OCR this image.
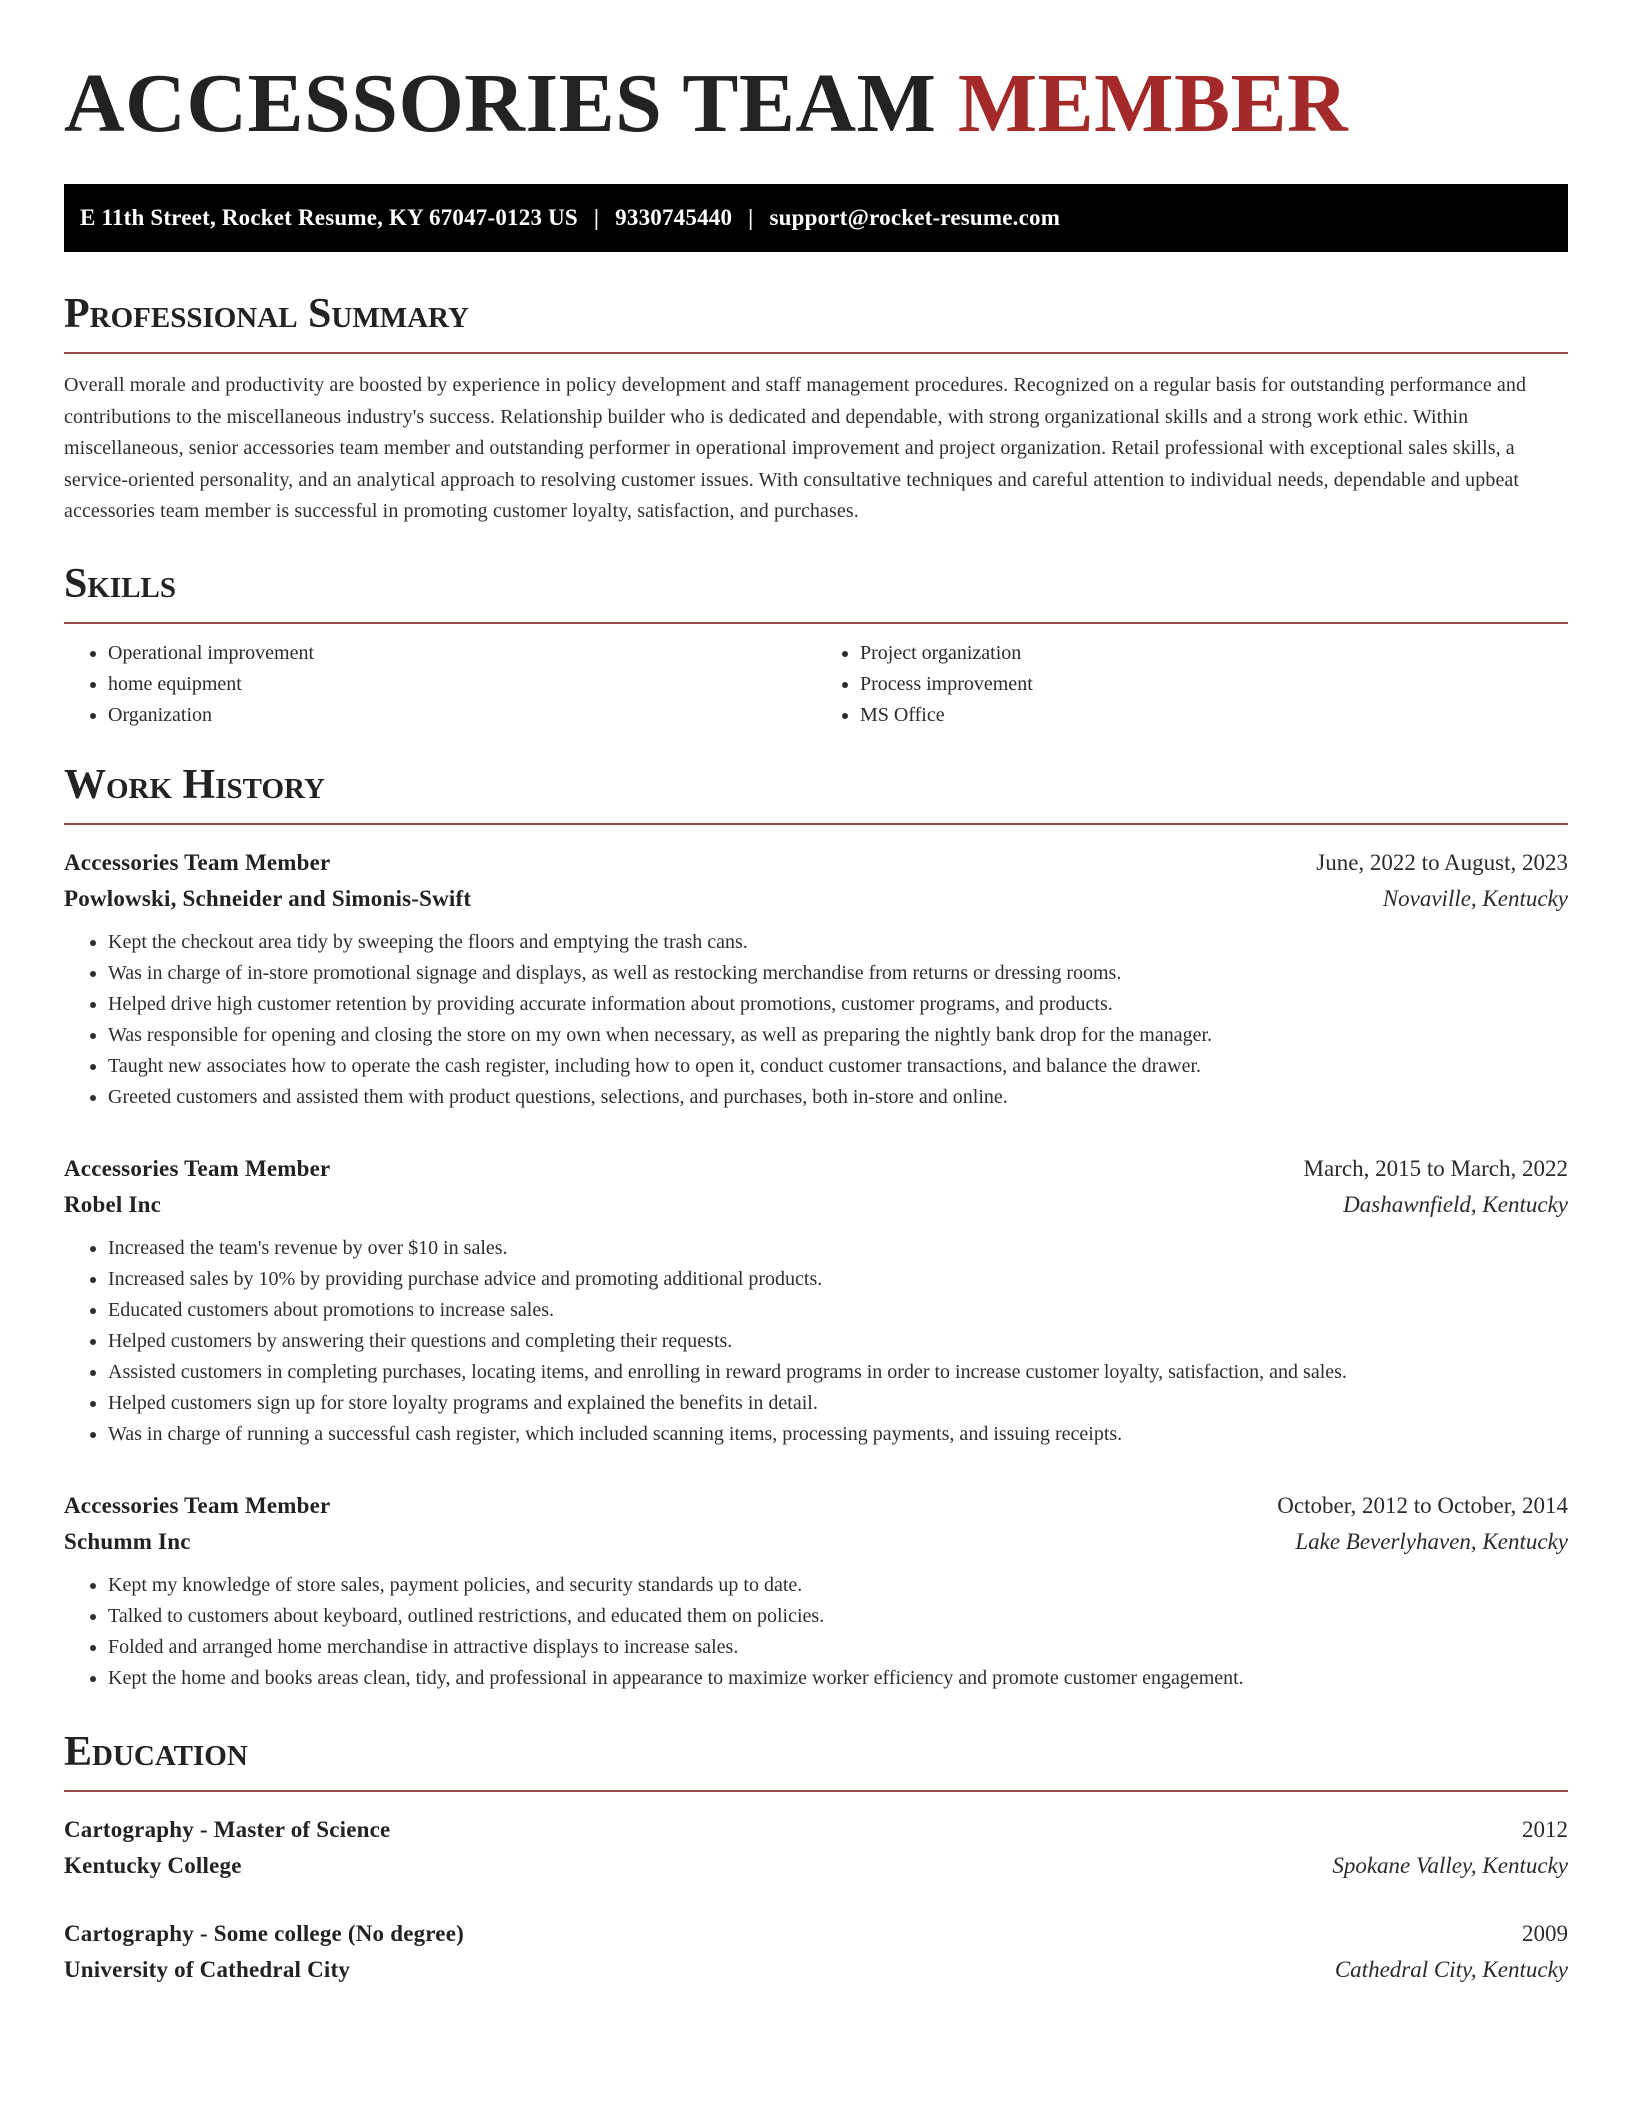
ACCESSORIES TEAM MEMBER
E 11th Street, Rocket Resume, KY 67047-0123 US | 9330745440 | support@rocket-resume.com
Professional Summary
Overall morale and productivity are boosted by experience in policy development and staff management procedures. Recognized on a regular basis for outstanding performance and contributions to the miscellaneous industry's success. Relationship builder who is dedicated and dependable, with strong organizational skills and a strong work ethic. Within miscellaneous, senior accessories team member and outstanding performer in operational improvement and project organization. Retail professional with exceptional sales skills, a service-oriented personality, and an analytical approach to resolving customer issues. With consultative techniques and careful attention to individual needs, dependable and upbeat accessories team member is successful in promoting customer loyalty, satisfaction, and purchases.
Skills
• Operational improvement
• home equipment
• Organization
• Project organization
• Process improvement
• MS Office
Work History
Accessories Team Member	June, 2022 to August, 2023
Powlowski, Schneider and Simonis-Swift	Novaville, Kentucky
• Kept the checkout area tidy by sweeping the floors and emptying the trash cans.
• Was in charge of in-store promotional signage and displays, as well as restocking merchandise from returns or dressing rooms.
• Helped drive high customer retention by providing accurate information about promotions, customer programs, and products.
• Was responsible for opening and closing the store on my own when necessary, as well as preparing the nightly bank drop for the manager.
• Taught new associates how to operate the cash register, including how to open it, conduct customer transactions, and balance the drawer.
• Greeted customers and assisted them with product questions, selections, and purchases, both in-store and online.
Accessories Team Member	March, 2015 to March, 2022
Robel Inc	Dashawnfield, Kentucky
• Increased the team's revenue by over $10 in sales.
• Increased sales by 10% by providing purchase advice and promoting additional products.
• Educated customers about promotions to increase sales.
• Helped customers by answering their questions and completing their requests.
• Assisted customers in completing purchases, locating items, and enrolling in reward programs in order to increase customer loyalty, satisfaction, and sales.
• Helped customers sign up for store loyalty programs and explained the benefits in detail.
• Was in charge of running a successful cash register, which included scanning items, processing payments, and issuing receipts.
Accessories Team Member	October, 2012 to October, 2014
Schumm Inc	Lake Beverlyhaven, Kentucky
• Kept my knowledge of store sales, payment policies, and security standards up to date.
• Talked to customers about keyboard, outlined restrictions, and educated them on policies.
• Folded and arranged home merchandise in attractive displays to increase sales.
• Kept the home and books areas clean, tidy, and professional in appearance to maximize worker efficiency and promote customer engagement.
Education
Cartography - Master of Science	2012
Kentucky College	Spokane Valley, Kentucky
Cartography - Some college (No degree)	2009
University of Cathedral City	Cathedral City, Kentucky
